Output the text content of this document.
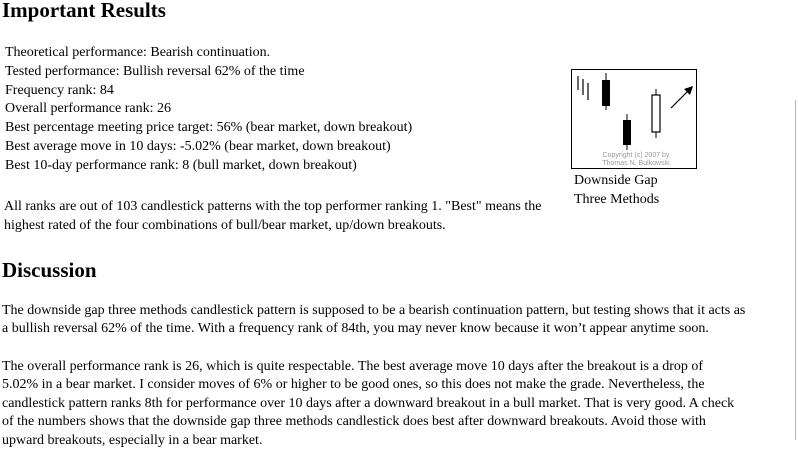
Important Results
Theoretical performance: Bearish continuation.
Tested performance: Bullish reversal 62% of the time
Frequency rank: 84
Overall performance rank: 26
Best percentage meeting price target: 56% (bear market, down breakout)
Best average move in 10 days: -5.02% (bear market, down breakout)
Best 10-day performance rank: 8 (bull market, down breakout)

All ranks are out of 103 candlestick patterns with the top performer ranking 1. "Best" means the highest rated of the four combinations of bull/bear market, up/down breakouts.

Copyright (c) 2007 by
Thomas N. Bulkowski
Downside Gap
Three Methods
Discussion
The downside gap three methods candlestick pattern is supposed to be a bearish continuation pattern, but testing shows that it acts as
a bullish reversal 62% of the time. With a frequency rank of 84th, you may never know because it won’t appear anytime soon.
The overall performance rank is 26, which is quite respectable. The best average move 10 days after the breakout is a drop of
5.02% in a bear market. I consider moves of 6% or higher to be good ones, so this does not make the grade. Nevertheless, the
candlestick pattern ranks 8th for performance over 10 days after a downward breakout in a bull market. That is very good. A check
of the numbers shows that the downside gap three methods candlestick does best after downward breakouts. Avoid those with
upward breakouts, especially in a bear market.
